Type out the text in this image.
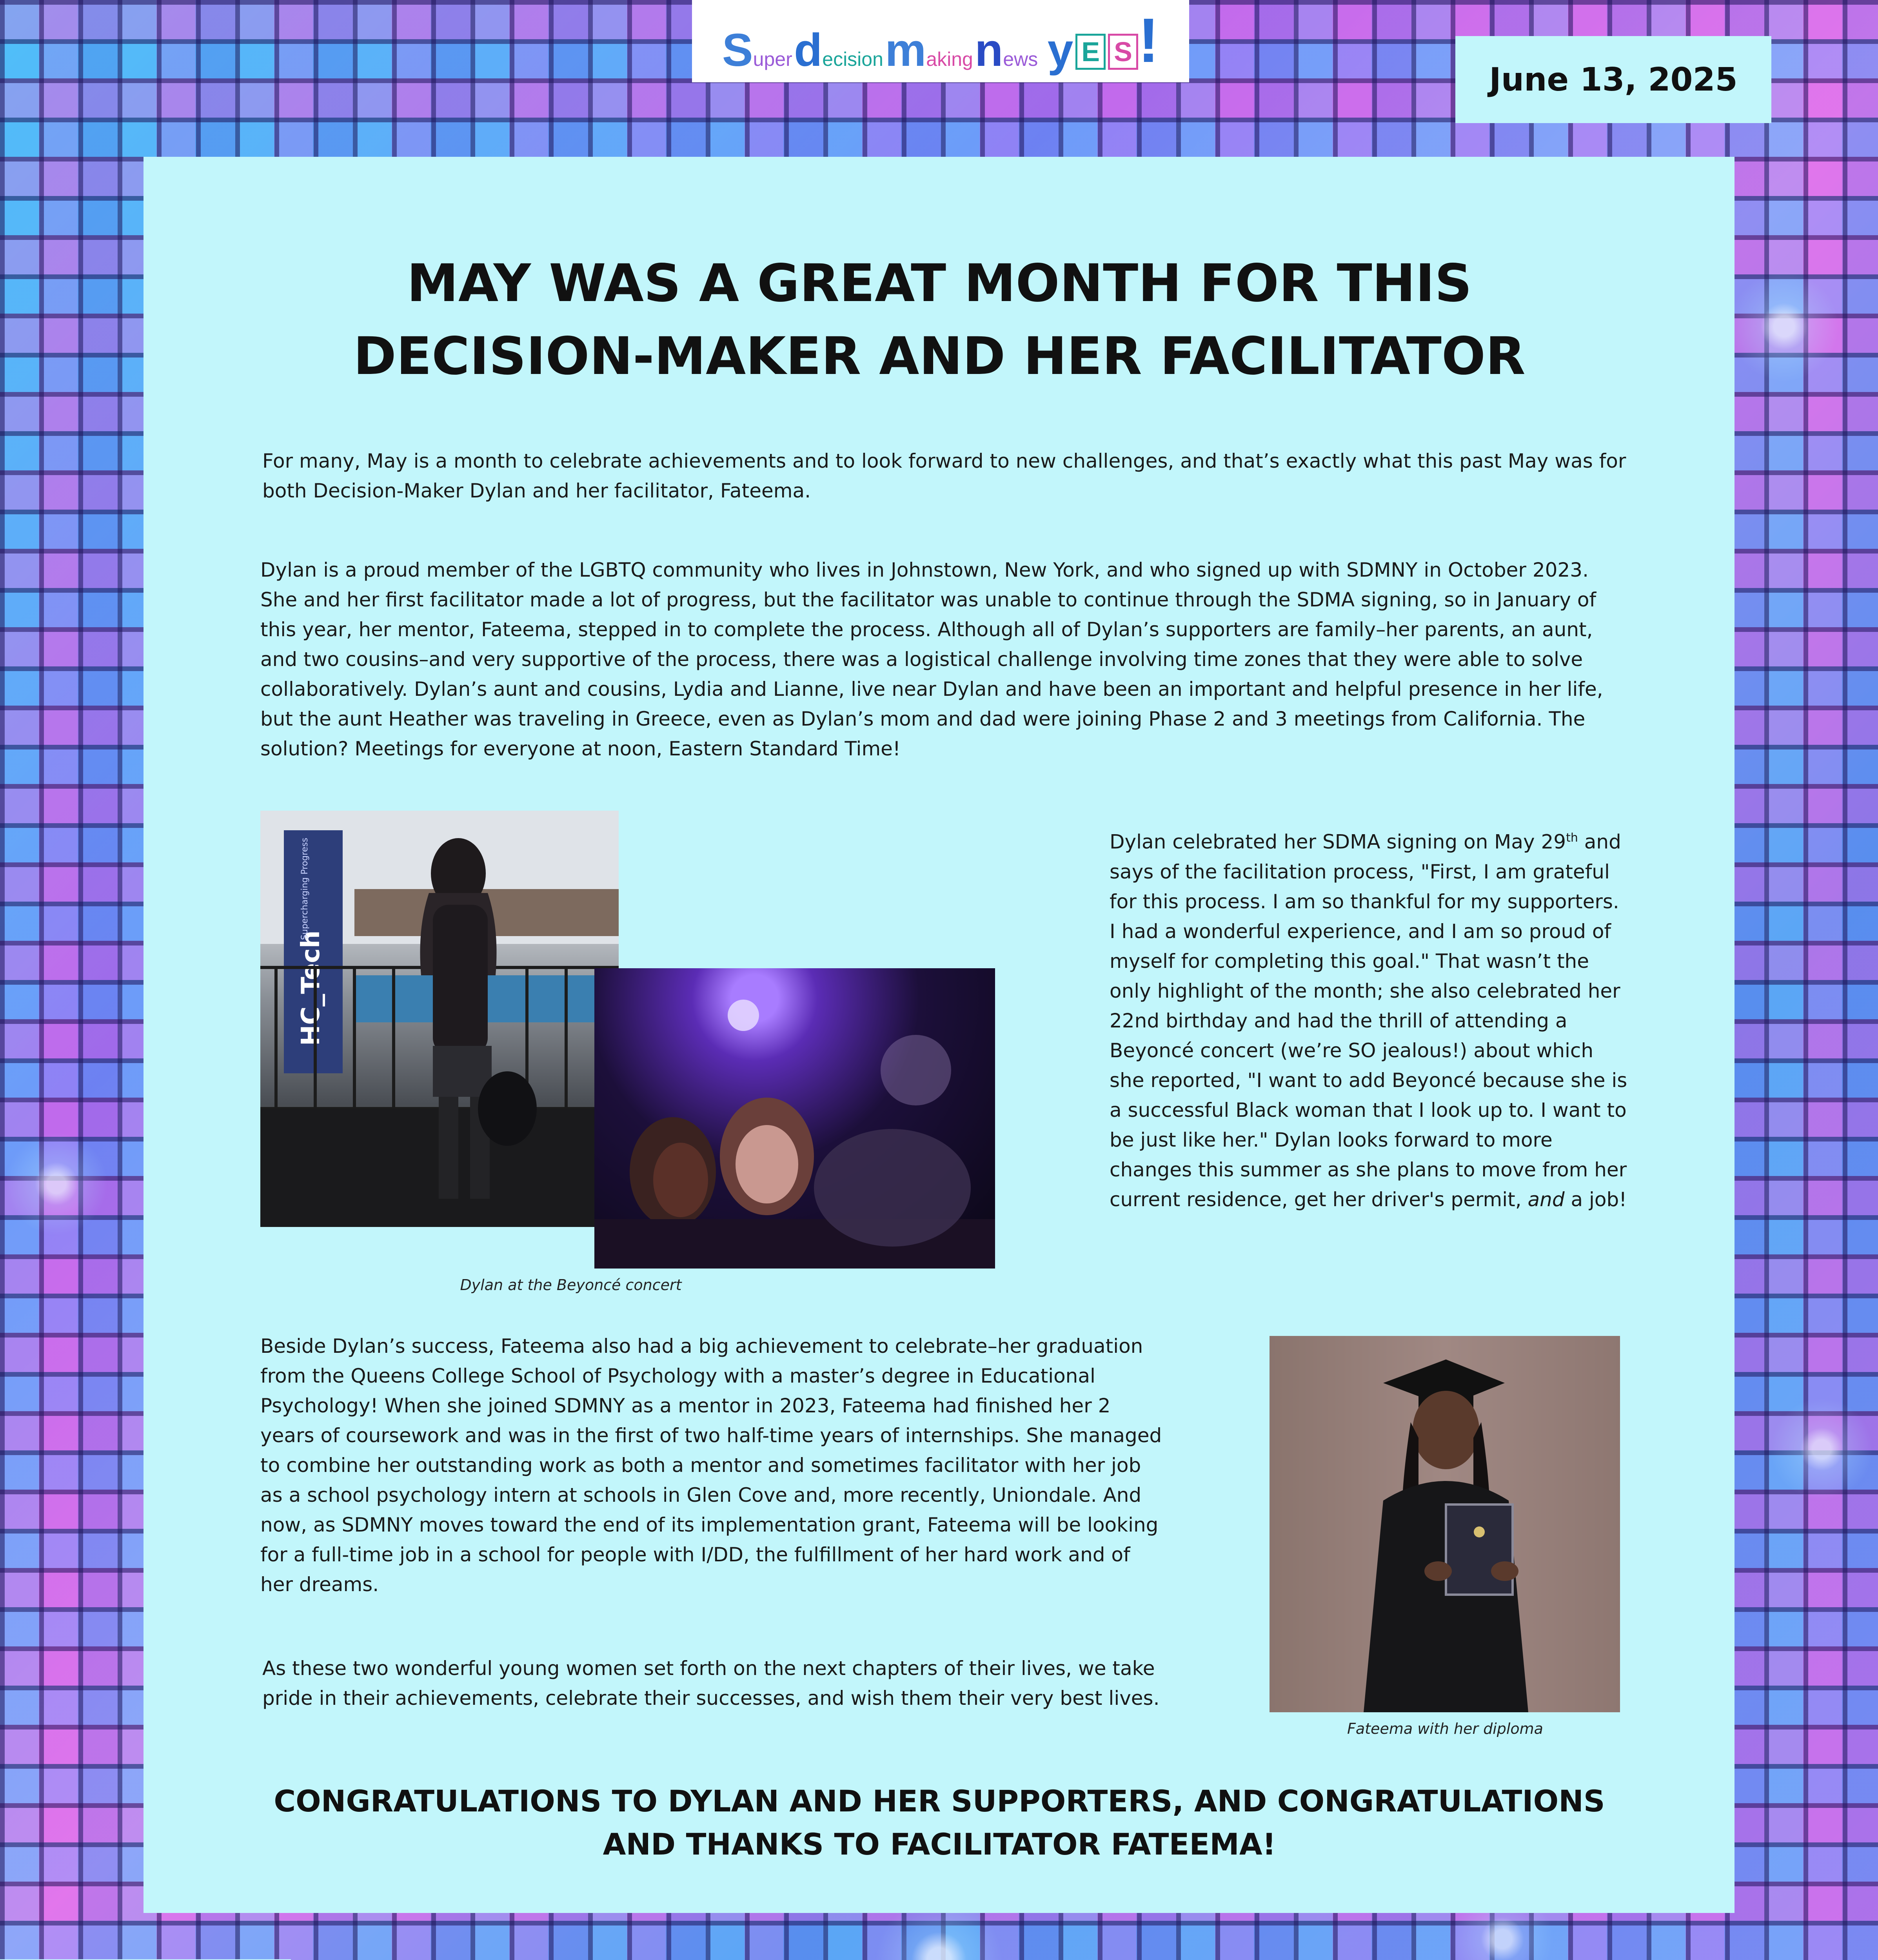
Super decision making news y E S!
June 13, 2025
MAY WAS A GREAT MONTH FOR THIS DECISION-MAKER AND HER FACILITATOR

For many, May is a month to celebrate achievements and to look forward to new challenges, and that’s exactly what this past May was for both Decision-Maker Dylan and her facilitator, Fateema.

Dylan is a proud member of the LGBTQ community who lives in Johnstown, New York, and who signed up with SDMNY in October 2023. She and her first facilitator made a lot of progress, but the facilitator was unable to continue through the SDMA signing, so in January of this year, her mentor, Fateema, stepped in to complete the process. Although all of Dylan’s supporters are family–her parents, an aunt, and two cousins–and very supportive of the process, there was a logistical challenge involving time zones that they were able to solve collaboratively. Dylan’s aunt and cousins, Lydia and Lianne, live near Dylan and have been an important and helpful presence in her life, but the aunt Heather was traveling in Greece, even as Dylan’s mom and dad were joining Phase 2 and 3 meetings from California. The solution? Meetings for everyone at noon, Eastern Standard Time!

HC_Tech
Supercharging Progress

Dylan at the Beyoncé concert

Dylan celebrated her SDMA signing on May 29th and says of the facilitation process, "First, I am grateful for this process. I am so thankful for my supporters. I had a wonderful experience, and I am so proud of myself for completing this goal." That wasn’t the only highlight of the month; she also celebrated her 22nd birthday and had the thrill of attending a Beyoncé concert (we’re SO jealous!) about which she reported, "I want to add Beyoncé because she is a successful Black woman that I look up to. I want to be just like her." Dylan looks forward to more changes this summer as she plans to move from her current residence, get her driver's permit, and a job!

Beside Dylan’s success, Fateema also had a big achievement to celebrate–her graduation from the Queens College School of Psychology with a master’s degree in Educational Psychology! When she joined SDMNY as a mentor in 2023, Fateema had finished her 2 years of coursework and was in the first of two half-time years of internships. She managed to combine her outstanding work as both a mentor and sometimes facilitator with her job as a school psychology intern at schools in Glen Cove and, more recently, Uniondale. And now, as SDMNY moves toward the end of its implementation grant, Fateema will be looking for a full-time job in a school for people with I/DD, the fulfillment of her hard work and of her dreams.

Fateema with her diploma

As these two wonderful young women set forth on the next chapters of their lives, we take pride in their achievements, celebrate their successes, and wish them their very best lives.

CONGRATULATIONS TO DYLAN AND HER SUPPORTERS, AND CONGRATULATIONS AND THANKS TO FACILITATOR FATEEMA!
